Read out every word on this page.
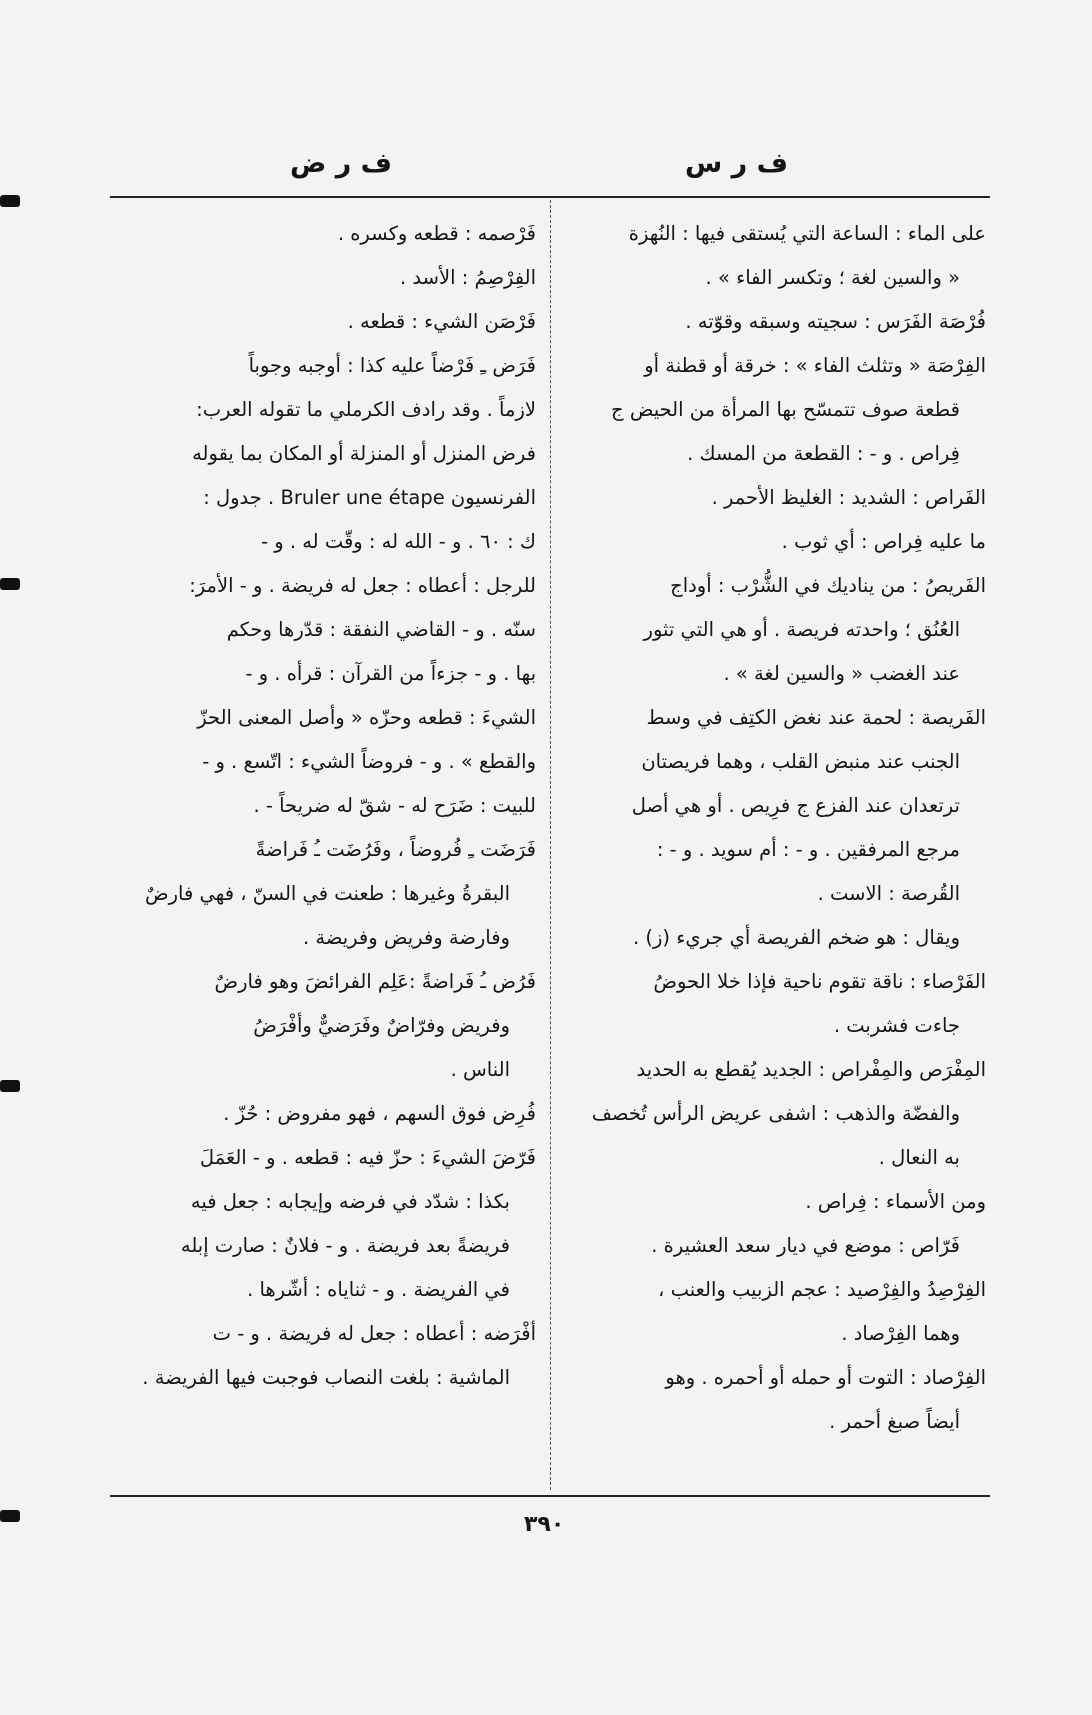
ف ر س
ف ر ض
على الماء : الساعة التي يُستقى فيها : النُهزة
« والسين لغة ؛ وتكسر الفاء » .
فُرْصَة الفَرَس : سجيته وسبقه وقوّته .
الفِرْصَة « وتثلث الفاء » : خرقة أو قطنة أو
قطعة صوف تتمسّح بها المرأة من الحيض ج
فِراص . و - : القطعة من المسك .
الفَراص : الشديد : الغليظ الأحمر .
ما عليه فِراص : أي ثوب .
الفَريصُ : من يناديك في الشُّرْب : أوداج
العُنُق ؛ واحدته فريصة . أو هي التي تثور
عند الغضب « والسين لغة » .
الفَريصة : لحمة عند نغض الكتِف في وسط
الجنب عند منبض القلب ، وهما فريصتان
ترتعدان عند الفزع ج فرِيص . أو هي أصل
مرجع المرفقين . و - : أم سويد . و - :
القُرصة : الاست .
ويقال : هو ضخم الفريصة أي جريء (ز) .
الفَرْصاء : ناقة تقوم ناحية فإذا خلا الحوضُ
جاءت فشربت .
المِفْرَص والمِفْراص : الجديد يُقطع به الحديد
والفضّة والذهب : اشفى عريض الرأس تُخصف
به النعال .
ومن الأسماء : فِراص .
فَرّاص : موضع في ديار سعد العشيرة .
الفِرْصِدُ والفِرْصيد : عجم الزبيب والعنب ،
وهما الفِرْصاد .
الفِرْصاد : التوت أو حمله أو أحمره . وهو
أيضاً صبغ أحمر .
فَرْصمه : قطعه وكسره .
الفِرْصِمُ : الأسد .
فَرْصَن الشيء : قطعه .
فَرَض ـِ فَرْضاً عليه كذا : أوجبه وجوباً
لازماً . وقد رادف الكرملي ما تقوله العرب:
فرض المنزل أو المنزلة أو المكان بما يقوله
الفرنسيون Bruler une étape . جدول :
ك : ٦٠ . و - الله له : وقّت له . و -
للرجل : أعطاه : جعل له فريضة . و - الأمرَ:
سنّه . و - القاضي النفقة : قدّرها وحكم
بها . و - جزءاً من القرآن : قرأه . و -
الشيءَ : قطعه وحزّه « وأصل المعنى الحزّ
والقطع » . و - فروضاً الشيء : اتّسع . و -
للبيت : ضَرَح له - شقّ له ضريحاً - .
فَرَضَت ـِ فُروضاً ، وفَرُضَت ـُ فَراضةً
البقرةُ وغيرها : طعنت في السنّ ، فهي فارضٌ
وفارضة وفريض وفريضة .
فَرُض ـُ فَراضةً :عَلِم الفرائضَ وهو فارضٌ
وفريض وفرّاضٌ وفَرَضيٌّ وأفْرَضُ
الناس .
فُرِض فوق السهم ، فهو مفروض : حُزّ .
فَرّضَ الشيءَ : حزّ فيه : قطعه . و - العَمَلَ
بكذا : شدّد في فرضه وإيجابه : جعل فيه
فريضةً بعد فريضة . و - فلانٌ : صارت إبله
في الفريضة . و - ثناياه : أشّرها .
أفْرَضه : أعطاه : جعل له فريضة . و - ت
الماشية : بلغت النصاب فوجبت فيها الفريضة .
٣٩٠
